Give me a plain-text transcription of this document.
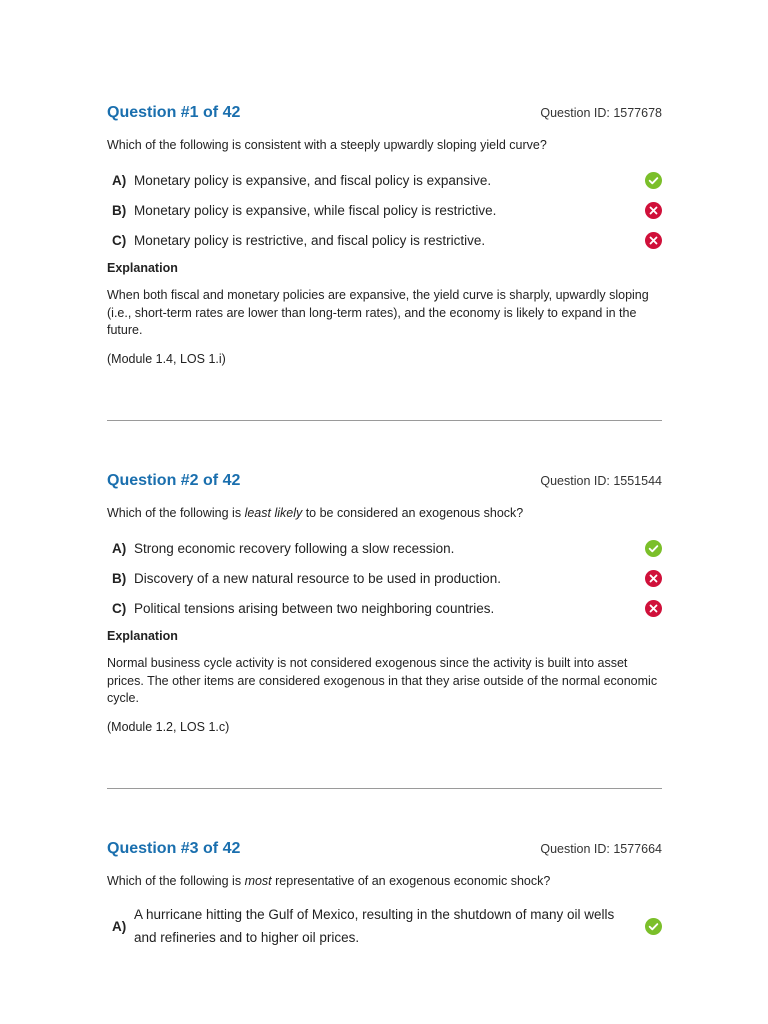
Question #1 of 42	Question ID: 1577678
Which of the following is consistent with a steeply upwardly sloping yield curve?
A) Monetary policy is expansive, and fiscal policy is expansive.
B) Monetary policy is expansive, while fiscal policy is restrictive.
C) Monetary policy is restrictive, and fiscal policy is restrictive.
Explanation
When both fiscal and monetary policies are expansive, the yield curve is sharply, upwardly sloping (i.e., short-term rates are lower than long-term rates), and the economy is likely to expand in the future.
(Module 1.4, LOS 1.i)
Question #2 of 42	Question ID: 1551544
Which of the following is least likely to be considered an exogenous shock?
A) Strong economic recovery following a slow recession.
B) Discovery of a new natural resource to be used in production.
C) Political tensions arising between two neighboring countries.
Explanation
Normal business cycle activity is not considered exogenous since the activity is built into asset prices. The other items are considered exogenous in that they arise outside of the normal economic cycle.
(Module 1.2, LOS 1.c)
Question #3 of 42	Question ID: 1577664
Which of the following is most representative of an exogenous economic shock?
A)
A hurricane hitting the Gulf of Mexico, resulting in the shutdown of many oil wells and refineries and to higher oil prices.
